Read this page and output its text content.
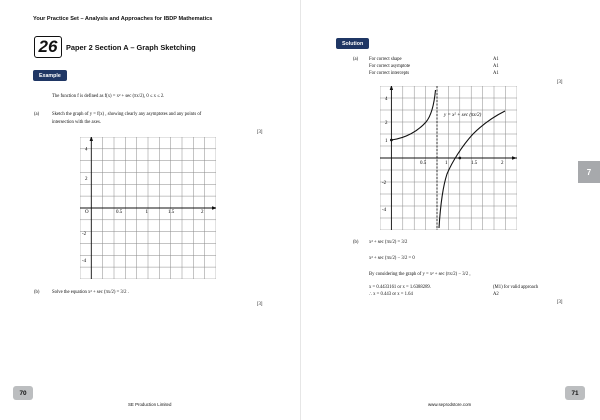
Your Practice Set – Analysis and Approaches for IBDP Mathematics
26	Paper 2 Section A – Graph Sketching
Example
The function f is defined as f(x) = x² + sec (πx/2), 0 ≤ x ≤ 2.
(a)	Sketch the graph of y = f(x) , showing clearly any asymptotes and any points of
intersection with the axes.
[3]
O	0.5	1	1.5	2
4
2
-2
-4
(b)	Solve the equation x² + sec (πx/2) = 3/2 .
[3]
70
SE Production Limited
Solution
(a) For correct shape	A1
For correct asymptote	A1
For correct intercepts	A1
[3]
y = x² + sec (πx/2)
0.5	1	1.5	2
4
2
1
-2
-4
(b) x² + sec (πx/2) = 3/2
x² + sec (πx/2) − 3/2 = 0
By considering the graph of y = x² + sec (πx/2) − 3/2 ,
x = 0.4433161 or x = 1.6388289.	(M1) for valid approach
∴ x = 0.443 or x = 1.64	A2
[3]
7
71
www.seprodstore.com
